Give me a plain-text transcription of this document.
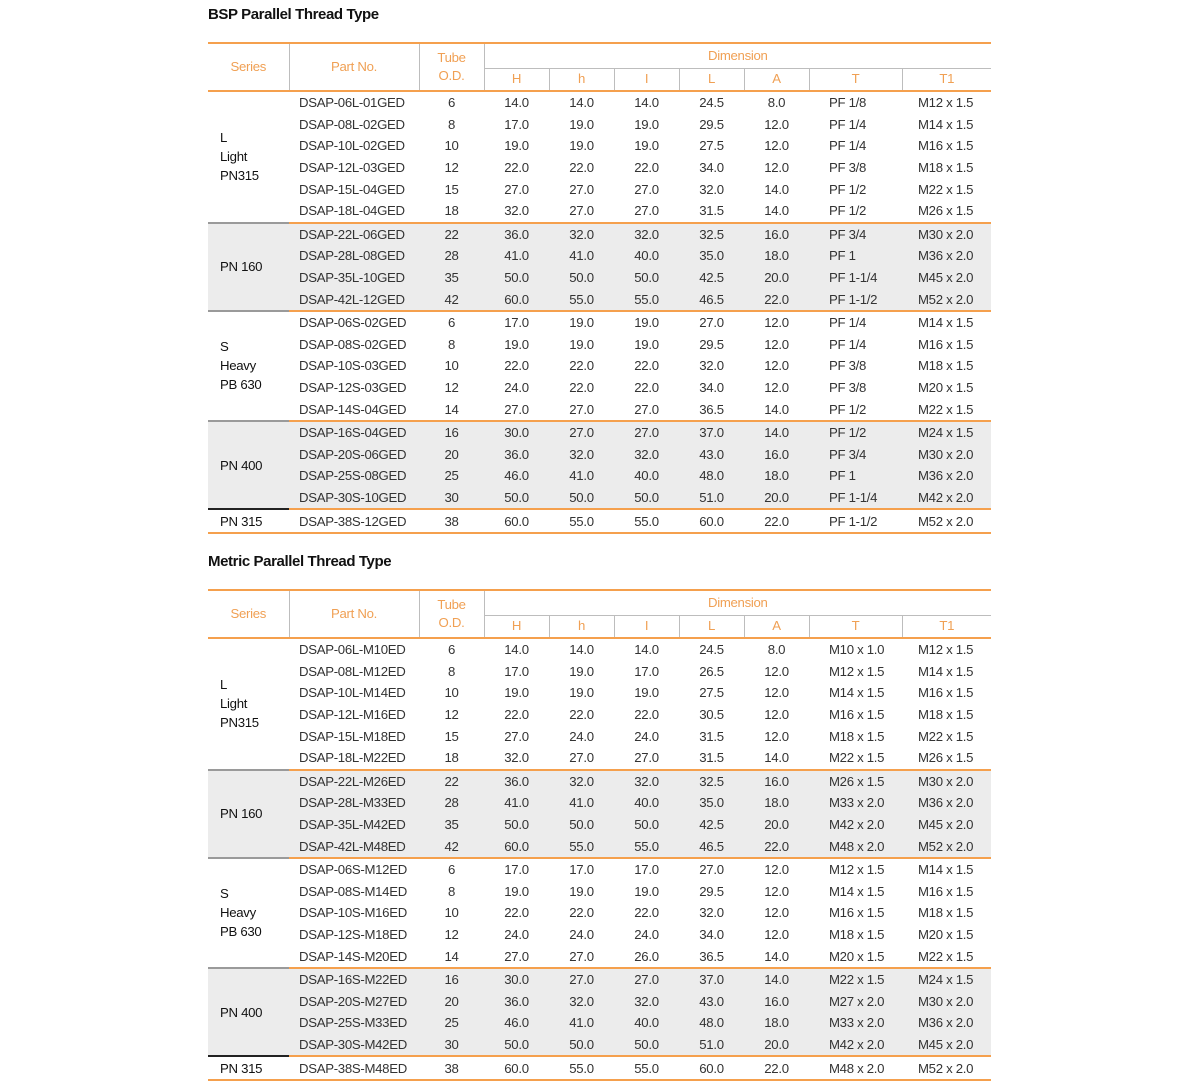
BSP Parallel Thread Type
Series	Part No.	Tube
O.D.	Dimension						
			H	h	I	L	A	T	T1
L
Light
PN315	DSAP-06L-01GED	6	14.0	14.0	14.0	24.5	8.0	PF 1/8	M12 x 1.5
	DSAP-08L-02GED	8	17.0	19.0	19.0	29.5	12.0	PF 1/4	M14 x 1.5
	DSAP-10L-02GED	10	19.0	19.0	19.0	27.5	12.0	PF 1/4	M16 x 1.5
	DSAP-12L-03GED	12	22.0	22.0	22.0	34.0	12.0	PF 3/8	M18 x 1.5
	DSAP-15L-04GED	15	27.0	27.0	27.0	32.0	14.0	PF 1/2	M22 x 1.5
	DSAP-18L-04GED	18	32.0	27.0	27.0	31.5	14.0	PF 1/2	M26 x 1.5
PN 160	DSAP-22L-06GED	22	36.0	32.0	32.0	32.5	16.0	PF 3/4	M30 x 2.0
	DSAP-28L-08GED	28	41.0	41.0	40.0	35.0	18.0	PF 1	M36 x 2.0
	DSAP-35L-10GED	35	50.0	50.0	50.0	42.5	20.0	PF 1-1/4	M45 x 2.0
	DSAP-42L-12GED	42	60.0	55.0	55.0	46.5	22.0	PF 1-1/2	M52 x 2.0
S
Heavy
PB 630	DSAP-06S-02GED	6	17.0	19.0	19.0	27.0	12.0	PF 1/4	M14 x 1.5
	DSAP-08S-02GED	8	19.0	19.0	19.0	29.5	12.0	PF 1/4	M16 x 1.5
	DSAP-10S-03GED	10	22.0	22.0	22.0	32.0	12.0	PF 3/8	M18 x 1.5
	DSAP-12S-03GED	12	24.0	22.0	22.0	34.0	12.0	PF 3/8	M20 x 1.5
	DSAP-14S-04GED	14	27.0	27.0	27.0	36.5	14.0	PF 1/2	M22 x 1.5
PN 400	DSAP-16S-04GED	16	30.0	27.0	27.0	37.0	14.0	PF 1/2	M24 x 1.5
	DSAP-20S-06GED	20	36.0	32.0	32.0	43.0	16.0	PF 3/4	M30 x 2.0
	DSAP-25S-08GED	25	46.0	41.0	40.0	48.0	18.0	PF 1	M36 x 2.0
	DSAP-30S-10GED	30	50.0	50.0	50.0	51.0	20.0	PF 1-1/4	M42 x 2.0
PN 315	DSAP-38S-12GED	38	60.0	55.0	55.0	60.0	22.0	PF 1-1/2	M52 x 2.0
Metric Parallel Thread Type
Series	Part No.	Tube
O.D.	Dimension						
			H	h	I	L	A	T	T1
L
Light
PN315	DSAP-06L-M10ED	6	14.0	14.0	14.0	24.5	8.0	M10 x 1.0	M12 x 1.5
	DSAP-08L-M12ED	8	17.0	19.0	17.0	26.5	12.0	M12 x 1.5	M14 x 1.5
	DSAP-10L-M14ED	10	19.0	19.0	19.0	27.5	12.0	M14 x 1.5	M16 x 1.5
	DSAP-12L-M16ED	12	22.0	22.0	22.0	30.5	12.0	M16 x 1.5	M18 x 1.5
	DSAP-15L-M18ED	15	27.0	24.0	24.0	31.5	12.0	M18 x 1.5	M22 x 1.5
	DSAP-18L-M22ED	18	32.0	27.0	27.0	31.5	14.0	M22 x 1.5	M26 x 1.5
PN 160	DSAP-22L-M26ED	22	36.0	32.0	32.0	32.5	16.0	M26 x 1.5	M30 x 2.0
	DSAP-28L-M33ED	28	41.0	41.0	40.0	35.0	18.0	M33 x 2.0	M36 x 2.0
	DSAP-35L-M42ED	35	50.0	50.0	50.0	42.5	20.0	M42 x 2.0	M45 x 2.0
	DSAP-42L-M48ED	42	60.0	55.0	55.0	46.5	22.0	M48 x 2.0	M52 x 2.0
S
Heavy
PB 630	DSAP-06S-M12ED	6	17.0	17.0	17.0	27.0	12.0	M12 x 1.5	M14 x 1.5
	DSAP-08S-M14ED	8	19.0	19.0	19.0	29.5	12.0	M14 x 1.5	M16 x 1.5
	DSAP-10S-M16ED	10	22.0	22.0	22.0	32.0	12.0	M16 x 1.5	M18 x 1.5
	DSAP-12S-M18ED	12	24.0	24.0	24.0	34.0	12.0	M18 x 1.5	M20 x 1.5
	DSAP-14S-M20ED	14	27.0	27.0	26.0	36.5	14.0	M20 x 1.5	M22 x 1.5
PN 400	DSAP-16S-M22ED	16	30.0	27.0	27.0	37.0	14.0	M22 x 1.5	M24 x 1.5
	DSAP-20S-M27ED	20	36.0	32.0	32.0	43.0	16.0	M27 x 2.0	M30 x 2.0
	DSAP-25S-M33ED	25	46.0	41.0	40.0	48.0	18.0	M33 x 2.0	M36 x 2.0
	DSAP-30S-M42ED	30	50.0	50.0	50.0	51.0	20.0	M42 x 2.0	M45 x 2.0
PN 315	DSAP-38S-M48ED	38	60.0	55.0	55.0	60.0	22.0	M48 x 2.0	M52 x 2.0
